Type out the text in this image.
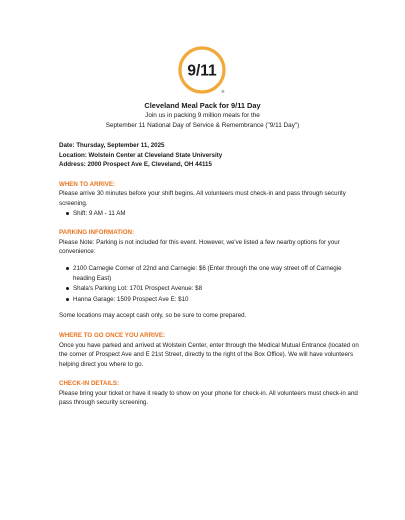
9/11
®
Cleveland Meal Pack for 9/11 Day
Join us in packing 9 million meals for the
September 11 National Day of Service & Remembrance ("9/11 Day")
Date: Thursday, September 11, 2025
Location: Wolstein Center at Cleveland State University
Address: 2000 Prospect Ave E, Cleveland, OH 44115
WHEN TO ARRIVE:

Please arrive 30 minutes before your shift begins. All volunteers must check-in and pass through security screening.

Shift: 9 AM - 11 AM
PARKING INFORMATION:

Please Note: Parking is not included for this event. However, we've listed a few nearby options for your convenience:

2100 Carnegie Corner of 22nd and Carnegie: $6 (Enter through the one way street off of Carnegie heading East)
Shala's Parking Lot: 1701 Prospect Avenue: $8
Hanna Garage: 1509 Prospect Ave E: $10

Some locations may accept cash only, so be sure to come prepared.

WHERE TO GO ONCE YOU ARRIVE:

Once you have parked and arrived at Wolstein Center, enter through the Medical Mutual Entrance (located on the corner of Prospect Ave and E 21st Street, directly to the right of the Box Office). We will have volunteers helping direct you where to go.

CHECK-IN DETAILS:

Please bring your ticket or have it ready to show on your phone for check-in. All volunteers must check-in and pass through security screening.
